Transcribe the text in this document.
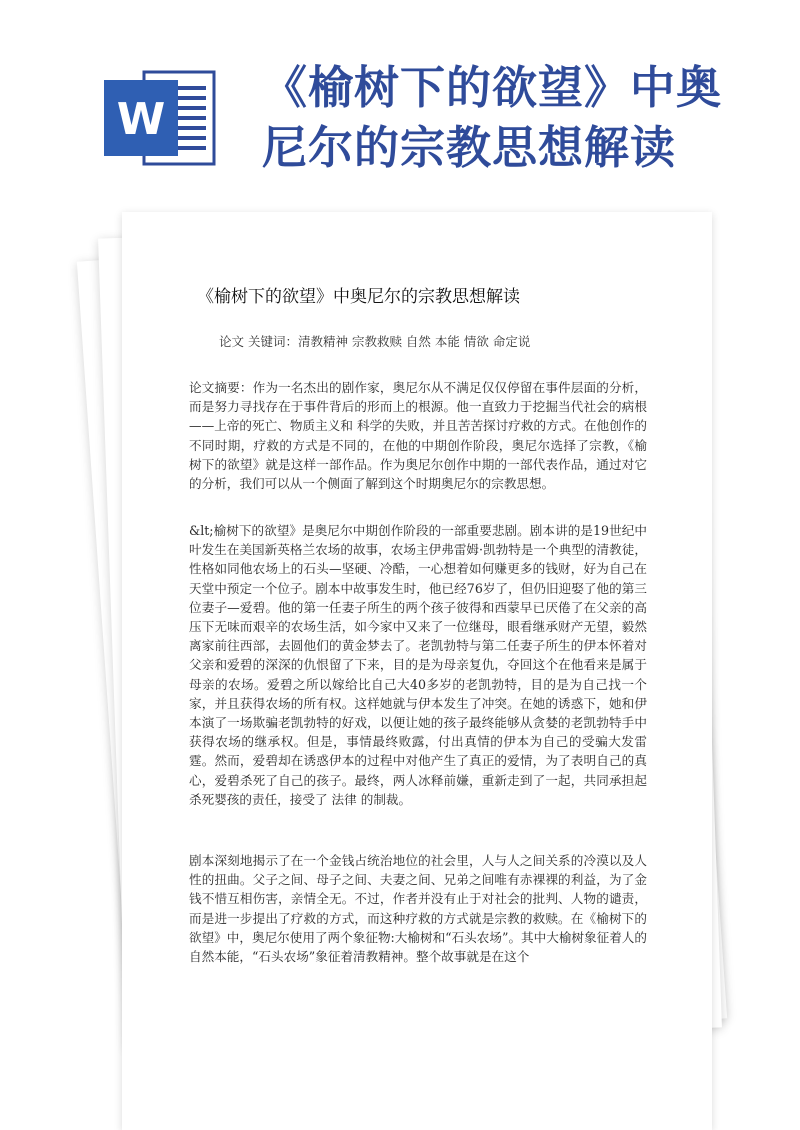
W
《榆树下的欲望》中奥
尼尔的宗教思想解读
《榆树下的欲望》中奥尼尔的宗教思想解读
论文 关键词：清教精神 宗教救赎 自然 本能 情欲 命定说
论文摘要：作为一名杰出的剧作家，奥尼尔从不满足仅仅停留在事件层面的分析，而是努力寻找存在于事件背后的形而上的根源。他一直致力于挖掘当代社会的病根——上帝的死亡、物质主义和 科学的失败，并且苦苦探讨疗救的方式。在他创作的不同时期，疗救的方式是不同的，在他的中期创作阶段，奥尼尔选择了宗教，《榆树下的欲望》就是这样一部作品。作为奥尼尔创作中期的一部代表作品，通过对它的分析，我们可以从一个侧面了解到这个时期奥尼尔的宗教思想。
&lt;榆树下的欲望》是奥尼尔中期创作阶段的一部重要悲剧。剧本讲的是19世纪中叶发生在美国新英格兰农场的故事，农场主伊弗雷姆·凯勃特是一个典型的清教徒，性格如同他农场上的石头—坚硬、冷酷，一心想着如何赚更多的钱财，好为自己在天堂中预定一个位子。剧本中故事发生时，他已经76岁了，但仍旧迎娶了他的第三位妻子—爱碧。他的第一任妻子所生的两个孩子彼得和西蒙早已厌倦了在父亲的高压下无味而艰辛的农场生活，如今家中又来了一位继母，眼看继承财产无望，毅然离家前往西部，去圆他们的黄金梦去了。老凯勃特与第二任妻子所生的伊本怀着对父亲和爱碧的深深的仇恨留了下来，目的是为母亲复仇，夺回这个在他看来是属于母亲的农场。爱碧之所以嫁给比自己大40多岁的老凯勃特，目的是为自己找一个家，并且获得农场的所有权。这样她就与伊本发生了冲突。在她的诱惑下，她和伊本演了一场欺骗老凯勃特的好戏，以便让她的孩子最终能够从贪婪的老凯勃特手中获得农场的继承权。但是，事情最终败露，付出真情的伊本为自己的受骗大发雷霆。然而，爱碧却在诱惑伊本的过程中对他产生了真正的爱情，为了表明自己的真心，爱碧杀死了自己的孩子。最终，两人冰释前嫌，重新走到了一起，共同承担起杀死婴孩的责任，接受了 法律 的制裁。
剧本深刻地揭示了在一个金钱占统治地位的社会里，人与人之间关系的冷漠以及人性的扭曲。父子之间、母子之间、夫妻之间、兄弟之间唯有赤裸裸的利益，为了金钱不惜互相伤害，亲情全无。不过，作者并没有止于对社会的批判、人物的谴责，而是进一步提出了疗救的方式，而这种疗救的方式就是宗教的救赎。在《榆树下的欲望》中，奥尼尔使用了两个象征物:大榆树和“石头农场”。其中大榆树象征着人的自然本能，“石头农场”象征着清教精神。整个故事就是在这个
